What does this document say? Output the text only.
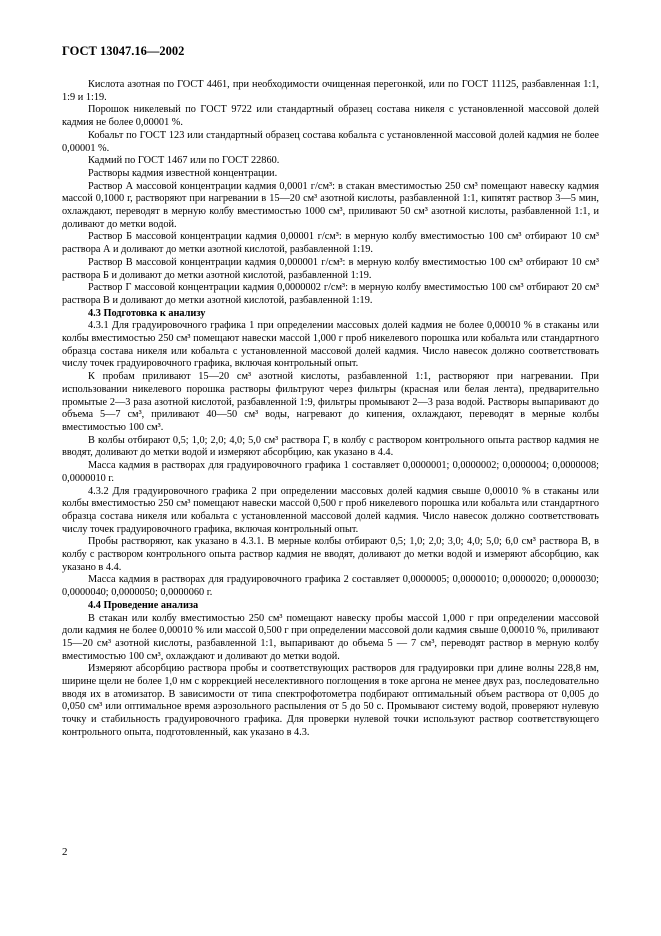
ГОСТ 13047.16—2002

Кислота азотная по ГОСТ 4461, при необходимости очищенная перегонкой, или по ГОСТ 11125, разбавленная 1:1, 1:9 и 1:19.

Порошок никелевый по ГОСТ 9722 или стандартный образец состава никеля с установленной массовой долей кадмия не более 0,00001 %.

Кобальт по ГОСТ 123 или стандартный образец состава кобальта с установленной массовой долей кадмия не более 0,00001 %.

Кадмий по ГОСТ 1467 или по ГОСТ 22860.

Растворы кадмия известной концентрации.

Раствор А массовой концентрации кадмия 0,0001 г/см³: в стакан вместимостью 250 см³ помещают навеску кадмия массой 0,1000 г, растворяют при нагревании в 15—20 см³ азотной кислоты, разбавленной 1:1, кипятят раствор 3—5 мин, охлаждают, переводят в мерную колбу вместимостью 1000 см³, приливают 50 см³ азотной кислоты, разбавленной 1:1, и доливают до метки водой.

Раствор Б массовой концентрации кадмия 0,00001 г/см³: в мерную колбу вместимостью 100 см³ отбирают 10 см³ раствора А и доливают до метки азотной кислотой, разбавленной 1:19.

Раствор В массовой концентрации кадмия 0,000001 г/см³: в мерную колбу вместимостью 100 см³ отбирают 10 см³ раствора Б и доливают до метки азотной кислотой, разбавленной 1:19.

Раствор Г массовой концентрации кадмия 0,0000002 г/см³: в мерную колбу вместимостью 100 см³ отбирают 20 см³ раствора В и доливают до метки азотной кислотой, разбавленной 1:19.

4.3 Подготовка к анализу

4.3.1 Для градуировочного графика 1 при определении массовых долей кадмия не более 0,00010 % в стаканы или колбы вместимостью 250 см³ помещают навески массой 1,000 г проб никелевого порошка или кобальта или стандартного образца состава никеля или кобальта с установленной массовой долей кадмия. Число навесок должно соответствовать числу точек градуировочного графика, включая контрольный опыт.

К пробам приливают 15—20 см³ азотной кислоты, разбавленной 1:1, растворяют при нагревании. При использовании никелевого порошка растворы фильтруют через фильтры (красная или белая лента), предварительно промытые 2—3 раза азотной кислотой, разбавленной 1:9, фильтры промывают 2—3 раза водой. Растворы выпаривают до объема 5—7 см³, приливают 40—50 см³ воды, нагревают до кипения, охлаждают, переводят в мерные колбы вместимостью 100 см³.

В колбы отбирают 0,5; 1,0; 2,0; 4,0; 5,0 см³ раствора Г, в колбу с раствором контрольного опыта раствор кадмия не вводят, доливают до метки водой и измеряют абсорбцию, как указано в 4.4.

Масса кадмия в растворах для градуировочного графика 1 составляет 0,0000001; 0,0000002; 0,0000004; 0,0000008; 0,0000010 г.

4.3.2 Для градуировочного графика 2 при определении массовых долей кадмия свыше 0,00010 % в стаканы или колбы вместимостью 250 см³ помещают навески массой 0,500 г проб никелевого порошка или кобальта или стандартного образца состава никеля или кобальта с установленной массовой долей кадмия. Число навесок должно соответствовать числу точек градуировочного графика, включая контрольный опыт.

Пробы растворяют, как указано в 4.3.1. В мерные колбы отбирают 0,5; 1,0; 2,0; 3,0; 4,0; 5,0; 6,0 см³ раствора В, в колбу с раствором контрольного опыта раствор кадмия не вводят, доливают до метки водой и измеряют абсорбцию, как указано в 4.4.

Масса кадмия в растворах для градуировочного графика 2 составляет 0,0000005; 0,0000010; 0,0000020; 0,0000030; 0,0000040; 0,0000050; 0,0000060 г.

4.4 Проведение анализа

В стакан или колбу вместимостью 250 см³ помещают навеску пробы массой 1,000 г при определении массовой доли кадмия не более 0,00010 % или массой 0,500 г при определении массовой доли кадмия свыше 0,00010 %, приливают 15—20 см³ азотной кислоты, разбавленной 1:1, выпаривают до объема 5 — 7 см³, переводят раствор в мерную колбу вместимостью 100 см³, охлаждают и доливают до метки водой.

Измеряют абсорбцию раствора пробы и соответствующих растворов для градуировки при длине волны 228,8 нм, ширине щели не более 1,0 нм с коррекцией неселективного поглощения в токе аргона не менее двух раз, последовательно вводя их в атомизатор. В зависимости от типа спектрофотометра подбирают оптимальный объем раствора от 0,005 до 0,050 см³ или оптимальное время аэрозольного распыления от 5 до 50 с. Промывают систему водой, проверяют нулевую точку и стабильность градуировочного графика. Для проверки нулевой точки используют раствор соответствующего контрольного опыта, подготовленный, как указано в 4.3.

2
